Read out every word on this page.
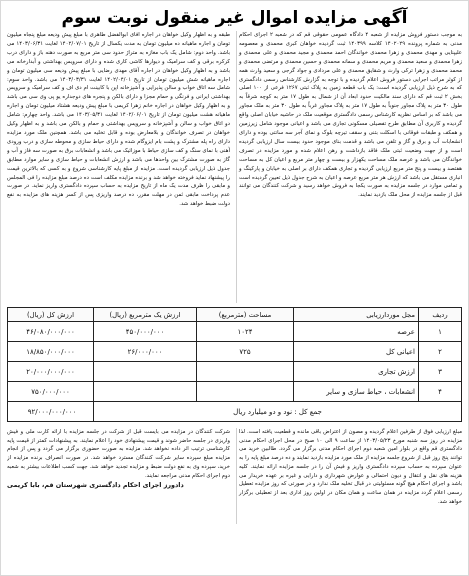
آگهی مزایده اموال غیر منقول نوبت سوم
به موجب دستور فروش مزایده از شعبه ۴ دادگاه عمومی حقوقی قم که در شعبه ۲ اجرای احکام مدنی به شماره پرونده ۱۴۰۲۰۲۹ کلاسه ۱۴۰۳۹۹ ثبت گردیده خواهان کبری محمدی و معصومه علیپنایی و مهدی محمدی و زهرا محمدی خواندگان احمد محمدی و مجید محمدی و علی محمدی و زهرا محمدی و سعید محمدی و مریم محمدی و سمانه محمدی و حسین محمدی و مرتضی محمدی و محمد محمدی و زهرا ترکی وارث و شقایق محمدی و علی مردادی و جواد گرجی و سعید وارث همه از کوثر مراتب اجرایی دستور فروش اعلام گردیده و با توجه به گزارش کارشناس رسمی دادگستری که به شرح ذیل ارزیابی گردیده است: یک باب قطعه زمین به پلاک ثبتی ۱۲۶۷ فرعی از ۱۰۰ اصلی بخش ۲ ثبت قم که دارای سند مالکیت حدود ابعاد آن از شمال به طول ۱۷ متر به کوچه شرقاً به طول ۳۰ متر به پلاک مجاور جنوباً به طول ۱۷ متر به پلاک مجاور غرباً به طول ۳۰ متر به ملک مجاور می باشد که بر اساس نظریه کارشناس رسمی دادگستری موقعیت ملک در حاشیه خیابان اصلی واقع گردیده و کاربری آن مطابق طرح تفصیلی مسکونی تجاری می باشد و اعیانی موجود شامل زیرزمین و همکف و طبقات فوقانی با اسکلت بتنی و سقف تیرچه بلوک و نمای آجر سه سانتی بوده و دارای انشعابات آب و برق و گاز و تلفن می باشد و قدمت بنای موجود حدود بیست سال ارزیابی گردیده است و از جهت وضعیت ثبتی ملک فاقد بازداشت و رهن اعلام شده و مورد مزایده در تصرف خواندگان می باشد و عرصه ملک مساحت یکهزار و بیست و چهار متر مربع و اعیان کل به مساحت هفتصد و بیست و پنج متر مربع ارزیابی گردیده و تجاری همکف دارای بر اصلی به خیابان و پارکینگ و انباری مستقل می باشد که ارزش هر متر مربع عرصه و اعیان به شرح جدول ذیل تعیین گردیده است و تمامی موارد در جلسه مزایده به صورت یکجا به فروش خواهد رسید و شرکت کنندگان می توانند قبل از جلسه مزایده از محل ملک بازدید نمایند.
طبقه و به اظهار وکیل خواهان در اجاره افای ابوالفضل طاهری با مبلغ پیش ودیعه مبلغ پنجاه میلیون تومان و اجاره ماهیانه ده میلیون تومان به مدت یکسال از تاریخ ۱۴۰۲/۰۷/۰۱ لغایت ۱۴۰۳/۰۶/۳۱ می باشد. واحد دوم: شامل یک باب مغازه به متراژ حدود سی متر مربع به صورت دهنه باز و دارای درب کرکره برقی و کف سرامیک و دیوارها کاشی کاری شده و دارای سرویس بهداشتی و آبدارخانه می باشد و به اظهار وکیل خواهان در اجاره آقای مهدی رضایی با مبلغ پیش ودیعه سی میلیون تومان و اجاره ماهیانه شش میلیون تومان از تاریخ ۱۴۰۲/۰۴/۰۱ لغایت ۱۴۰۳/۰۳/۳۱ می باشد. واحد سوم: شامل سه اتاق خواب و سالن پذیرایی و آشپزخانه اپن با کابینت ام دی اف و کف سرامیک و سرویس بهداشتی ایرانی و فرنگی و حمام مجزا و دارای بالکن و پنجره های دوجداره یو پی وی سی می باشد و به اظهار وکیل خواهان در اجاره خانم زهرا کریمی با مبلغ پیش ودیعه هشتاد میلیون تومان و اجاره ماهیانه هشت میلیون تومان از تاریخ ۱۴۰۲/۰۶/۰۱ لغایت ۱۴۰۳/۰۵/۳۱ می باشد. واحد چهارم: شامل دو اتاق خواب و سالن و آشپزخانه و سرویس بهداشتی و حمام و بالکن می باشد و به اظهار وکیل خواهان در تصرف خواندگان و بلامعارض بوده و قابل تخلیه می باشد. همچنین ملک مورد مزایده دارای راه پله مشترک و پشت بام ایزوگام شده و دارای حیاط سازی و محوطه سازی و درب ورودی آهنی با نمای سنگ و کف سازی حیاط با موزائیک می باشد و انشعابات برق به صورت سه فاز و آب و گاز به صورت مشترک بین واحدها می باشد و ارزش انشعابات و حیاط سازی و سایر موارد مطابق جدول ذیل ارزیابی گردیده است. مزایده از مبلغ پایه کارشناسی شروع و به کسی که بالاترین قیمت را پیشنهاد نماید فروخته خواهد شد و برنده مزایده مکلف است ده درصد مبلغ مزایده را فی المجلس و مابقی را ظرف مدت یک ماه از تاریخ مزایده به حساب سپرده دادگستری واریز نماید. در صورت عدم پرداخت مابقی ثمن در مهلت مقرر، ده درصد واریزی پس از کسر هزینه های مزایده به نفع دولت ضبط خواهد شد.
ردیف	مجل موردارزیابی	مساحت (مترمربع)	ارزش یک مترمربع (ریال)	ارزش کل (ریال)
۱	عرصه	۱۰۲۴	۴۵۰/۰۰۰/۰۰۰	۴۶/۰۸۰/۰۰۰/۰۰۰
۲	اعیانی کل	۷۲۵	۲۶/۰۰۰/۰۰۰	۱۸/۸۵۰/۰۰۰/۰۰۰
۳	ارزش تجاری			۲۰/۰۰۰/۰۰۰/۰۰۰
۴	انشعابات ، حیاط سازی و سایر			۷۵۰/۰۰۰/۰۰۰
جمع کل : نود و دو میلیارد ریال				۹۲/۰۰۰/۰۰۰/۰۰۰
مبلغ ارزیابی فوق از طرفین اعلام گردیده و مصون از اعتراض باقی مانده و قطعیت یافته است. لذا مزایده در روز سه شنبه مورخ ۱۴۰۳/۰۵/۲۳ از ساعت ۹ الی ۱۰ صبح در محل اجرای احکام مدنی دادگستری قم واقع در بلوار امین شعبه دوم اجرای احکام مدنی برگزار می گردد. طالبین خرید می توانند پنج روز قبل از شروع جلسه مزایده از ملک مورد مزایده بازدید نمایند و ده درصد مبلغ پایه را به عنوان سپرده به حساب سپرده دادگستری واریز و فیش آن را در جلسه مزایده ارائه نمایند. کلیه هزینه های نقل و انتقال و دیون احتمالی و عوارض شهرداری و دارایی و غیره بر عهده خریدار می باشد و اجرای احکام هیچ گونه مسئولیتی در قبال تخلیه ملک ندارد و در صورتی که روز مزایده تعطیل رسمی اعلام گردد مزایده در همان ساعت و همان مکان در اولین روز اداری بعد از تعطیلی برگزار خواهد شد.
شرکت کنندگان در مزایده می بایست قبل از شرکت در جلسه مزایده با ارائه کارت ملی و فیش واریزی در جلسه حاضر شوند و قیمت پیشنهادی خود را اعلام نمایند. به پیشنهادات کمتر از قیمت پایه کارشناسی ترتیب اثر داده نخواهد شد. مزایده به صورت حضوری برگزار می گردد و پس از انجام مزایده مبلغ سپرده سایر شرکت کنندگان مسترد خواهد شد. در صورت انصراف برنده مزایده از خرید، سپرده وی به نفع دولت ضبط و مزایده تجدید خواهد شد. جهت کسب اطلاعات بیشتر به شعبه دوم اجرای احکام مدنی مراجعه نمایند.
دادورز اجرای احکام دادگستری شهرستان قم، بابا کریمی
